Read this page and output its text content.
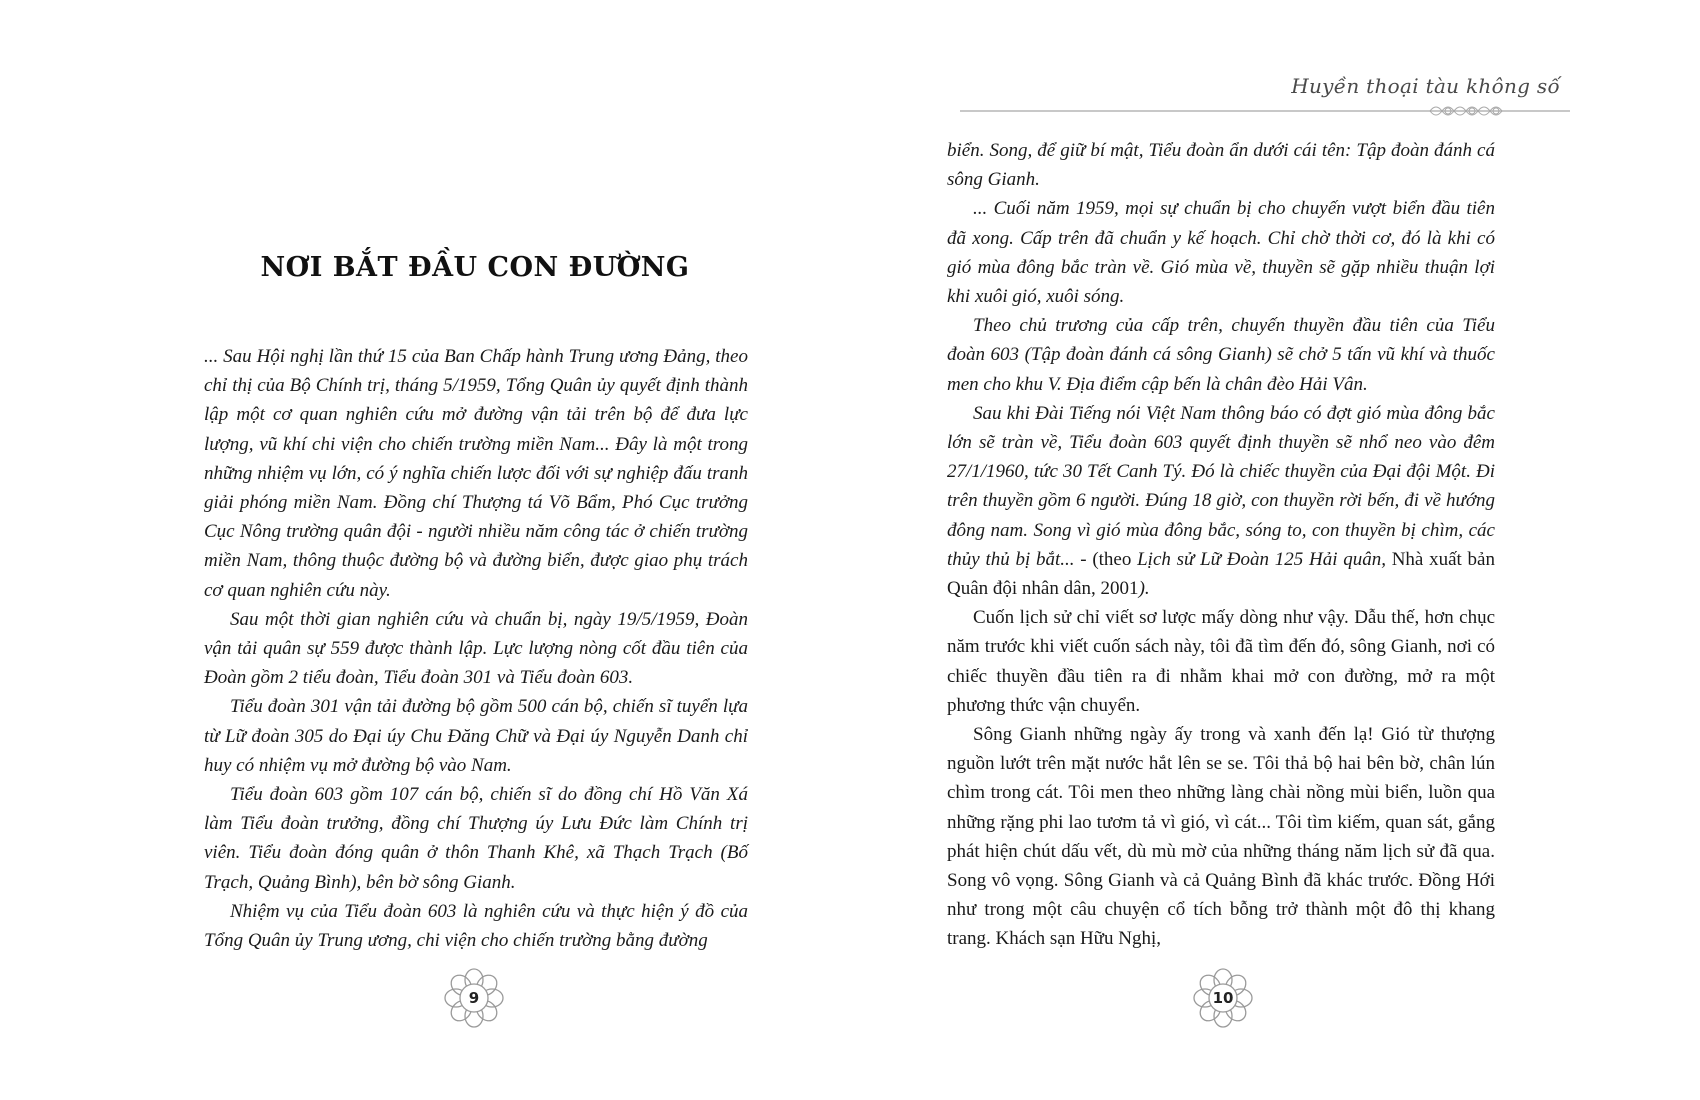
NƠI BẮT ĐẦU CON ĐƯỜNG

... Sau Hội nghị lần thứ 15 của Ban Chấp hành Trung ương Đảng, theo chỉ thị của Bộ Chính trị, tháng 5/1959, Tổng Quân ủy quyết định thành lập một cơ quan nghiên cứu mở đường vận tải trên bộ để đưa lực lượng, vũ khí chi viện cho chiến trường miền Nam... Đây là một trong những nhiệm vụ lớn, có ý nghĩa chiến lược đối với sự nghiệp đấu tranh giải phóng miền Nam. Đồng chí Thượng tá Võ Bẩm, Phó Cục trưởng Cục Nông trường quân đội - người nhiều năm công tác ở chiến trường miền Nam, thông thuộc đường bộ và đường biển, được giao phụ trách cơ quan nghiên cứu này.

Sau một thời gian nghiên cứu và chuẩn bị, ngày 19/5/1959, Đoàn vận tải quân sự 559 được thành lập. Lực lượng nòng cốt đầu tiên của Đoàn gồm 2 tiểu đoàn, Tiểu đoàn 301 và Tiểu đoàn 603.

Tiểu đoàn 301 vận tải đường bộ gồm 500 cán bộ, chiến sĩ tuyển lựa từ Lữ đoàn 305 do Đại úy Chu Đăng Chữ và Đại úy Nguyễn Danh chỉ huy có nhiệm vụ mở đường bộ vào Nam.

Tiểu đoàn 603 gồm 107 cán bộ, chiến sĩ do đồng chí Hồ Văn Xá làm Tiểu đoàn trưởng, đồng chí Thượng úy Lưu Đức làm Chính trị viên. Tiểu đoàn đóng quân ở thôn Thanh Khê, xã Thạch Trạch (Bố Trạch, Quảng Bình), bên bờ sông Gianh.

Nhiệm vụ của Tiểu đoàn 603 là nghiên cứu và thực hiện ý đồ của Tổng Quân ủy Trung ương, chi viện cho chiến trường bằng đường

9
Huyền thoại tàu không số

biển. Song, để giữ bí mật, Tiểu đoàn ẩn dưới cái tên: Tập đoàn đánh cá sông Gianh.

... Cuối năm 1959, mọi sự chuẩn bị cho chuyến vượt biển đầu tiên đã xong. Cấp trên đã chuẩn y kế hoạch. Chỉ chờ thời cơ, đó là khi có gió mùa đông bắc tràn về. Gió mùa về, thuyền sẽ gặp nhiều thuận lợi khi xuôi gió, xuôi sóng.

Theo chủ trương của cấp trên, chuyến thuyền đầu tiên của Tiểu đoàn 603 (Tập đoàn đánh cá sông Gianh) sẽ chở 5 tấn vũ khí và thuốc men cho khu V. Địa điểm cập bến là chân đèo Hải Vân.

Sau khi Đài Tiếng nói Việt Nam thông báo có đợt gió mùa đông bắc lớn sẽ tràn về, Tiểu đoàn 603 quyết định thuyền sẽ nhổ neo vào đêm 27/1/1960, tức 30 Tết Canh Tý. Đó là chiếc thuyền của Đại đội Một. Đi trên thuyền gồm 6 người. Đúng 18 giờ, con thuyền rời bến, đi về hướng đông nam. Song vì gió mùa đông bắc, sóng to, con thuyền bị chìm, các thủy thủ bị bắt... - (theo Lịch sử Lữ Đoàn 125 Hải quân, Nhà xuất bản Quân đội nhân dân, 2001).

Cuốn lịch sử chỉ viết sơ lược mấy dòng như vậy. Dẫu thế, hơn chục năm trước khi viết cuốn sách này, tôi đã tìm đến đó, sông Gianh, nơi có chiếc thuyền đầu tiên ra đi nhằm khai mở con đường, mở ra một phương thức vận chuyển.

Sông Gianh những ngày ấy trong và xanh đến lạ! Gió từ thượng nguồn lướt trên mặt nước hắt lên se se. Tôi thả bộ hai bên bờ, chân lún chìm trong cát. Tôi men theo những làng chài nồng mùi biển, luồn qua những rặng phi lao tươm tả vì gió, vì cát... Tôi tìm kiếm, quan sát, gắng phát hiện chút dấu vết, dù mù mờ của những tháng năm lịch sử đã qua. Song vô vọng. Sông Gianh và cả Quảng Bình đã khác trước. Đồng Hới như trong một câu chuyện cổ tích bỗng trở thành một đô thị khang trang. Khách sạn Hữu Nghị,

10
